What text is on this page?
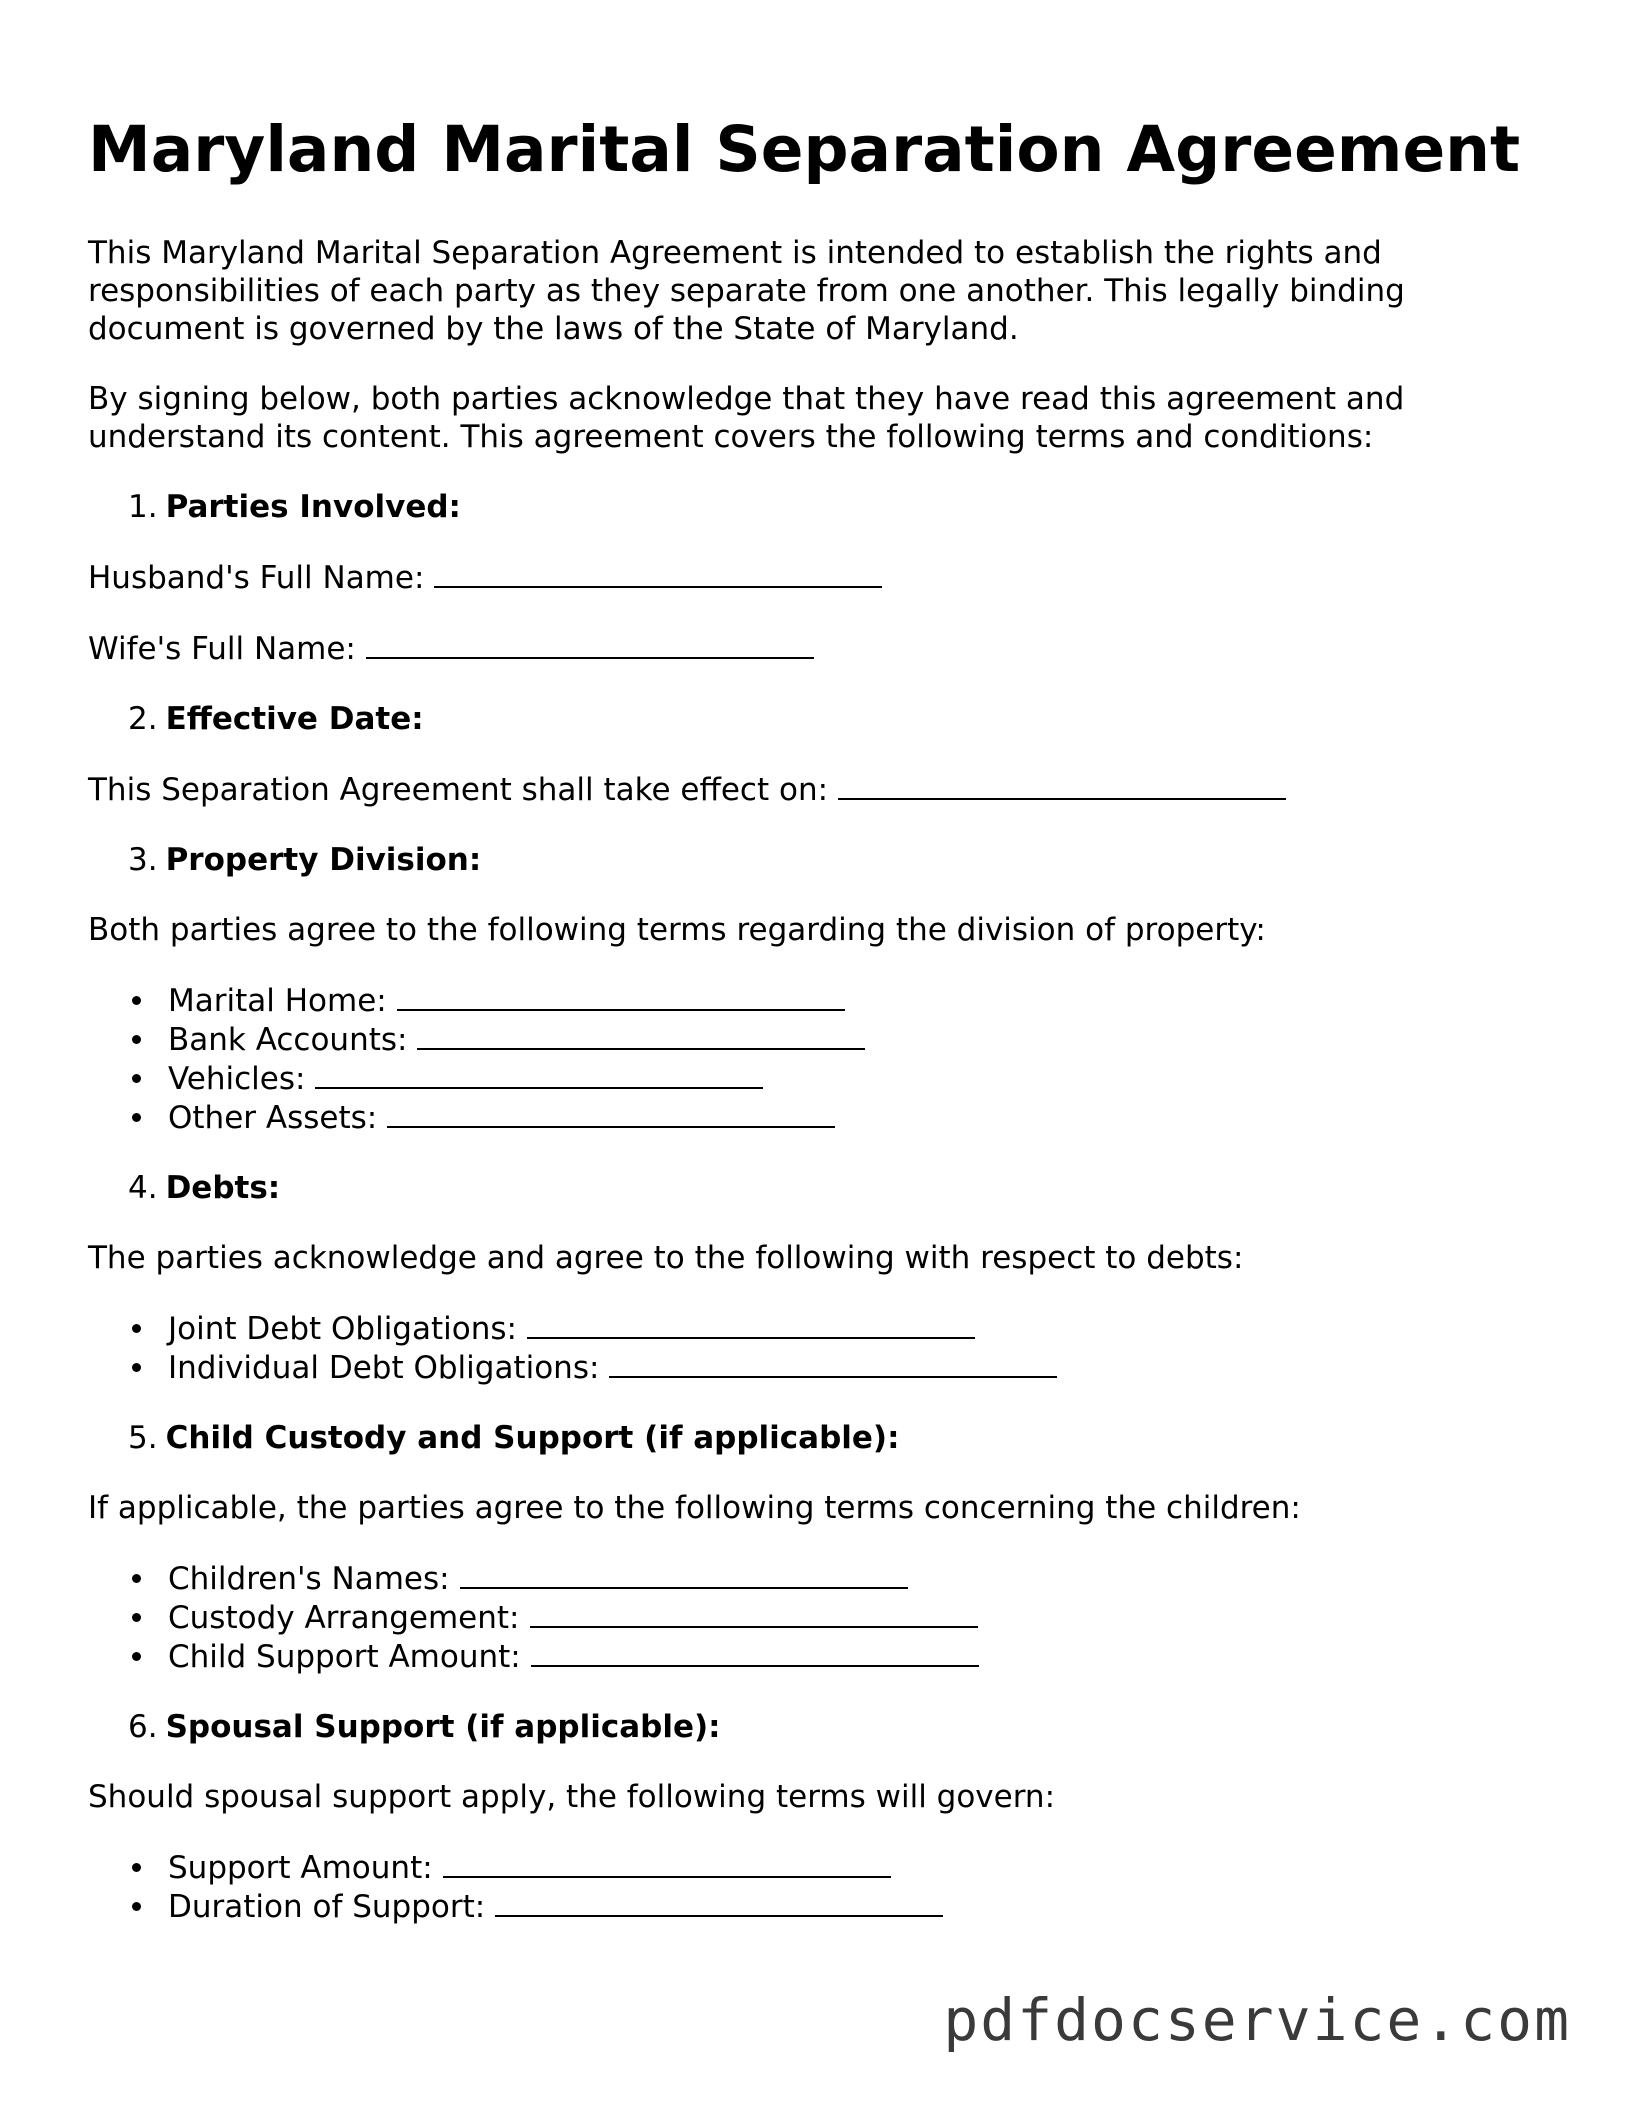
Maryland Marital Separation Agreement

This Maryland Marital Separation Agreement is intended to establish the rights and responsibilities of each party as they separate from one another. This legally binding document is governed by the laws of the State of Maryland.

By signing below, both parties acknowledge that they have read this agreement and understand its content. This agreement covers the following terms and conditions:

1. Parties Involved:

Husband's Full Name:

Wife's Full Name:

2. Effective Date:

This Separation Agreement shall take effect on:

3. Property Division:

Both parties agree to the following terms regarding the division of property:

Marital Home:
Bank Accounts:
Vehicles:
Other Assets:
4. Debts:

The parties acknowledge and agree to the following with respect to debts:

Joint Debt Obligations:
Individual Debt Obligations:
5. Child Custody and Support (if applicable):

If applicable, the parties agree to the following terms concerning the children:

Children's Names:
Custody Arrangement:
Child Support Amount:
6. Spousal Support (if applicable):

Should spousal support apply, the following terms will govern:

Support Amount:
Duration of Support:
pdfdocservice.com
